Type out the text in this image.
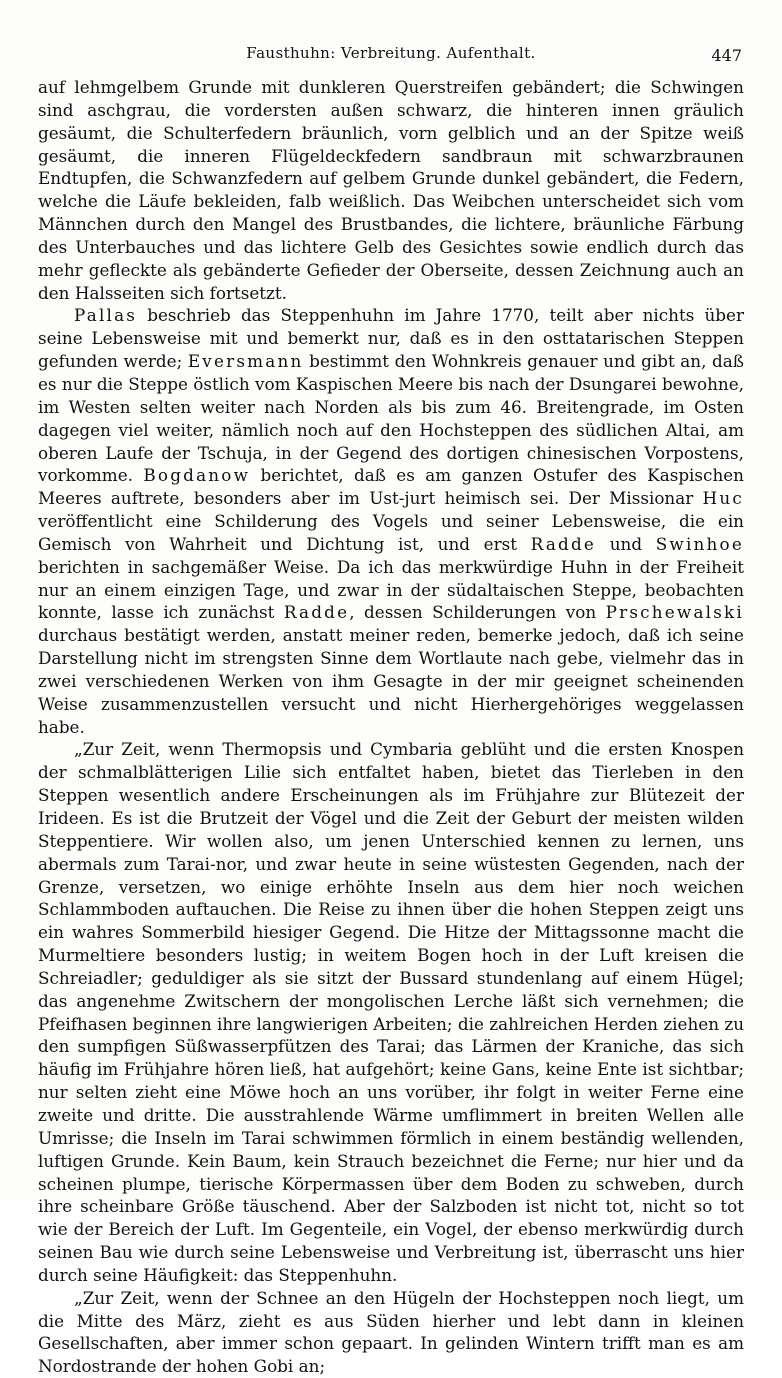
Fausthuhn: Verbreitung. Aufenthalt.	447

auf lehmgelbem Grunde mit dunkleren Querstreifen gebändert; die Schwingen sind aschgrau, die vordersten außen schwarz, die hinteren innen gräulich gesäumt, die Schulterfedern bräunlich, vorn gelblich und an der Spitze weiß gesäumt, die inneren Flügeldeckfedern sandbraun mit schwarzbraunen Endtupfen, die Schwanzfedern auf gelbem Grunde dunkel gebändert, die Federn, welche die Läufe bekleiden, falb weißlich. Das Weibchen unterscheidet sich vom Männchen durch den Mangel des Brustbandes, die lichtere, bräunliche Färbung des Unterbauches und das lichtere Gelb des Gesichtes sowie endlich durch das mehr gefleckte als gebänderte Gefieder der Oberseite, dessen Zeichnung auch an den Halsseiten sich fortsetzt.

Pallas beschrieb das Steppenhuhn im Jahre 1770, teilt aber nichts über seine Lebensweise mit und bemerkt nur, daß es in den osttatarischen Steppen gefunden werde; Eversmann bestimmt den Wohnkreis genauer und gibt an, daß es nur die Steppe östlich vom Kaspischen Meere bis nach der Dsungarei bewohne, im Westen selten weiter nach Norden als bis zum 46. Breitengrade, im Osten dagegen viel weiter, nämlich noch auf den Hochsteppen des südlichen Altai, am oberen Laufe der Tschuja, in der Gegend des dortigen chinesischen Vorpostens, vorkomme. Bogdanow berichtet, daß es am ganzen Ostufer des Kaspischen Meeres auftrete, besonders aber im Ust-jurt heimisch sei. Der Missionar Huc veröffentlicht eine Schilderung des Vogels und seiner Lebensweise, die ein Gemisch von Wahrheit und Dichtung ist, und erst Radde und Swinhoe berichten in sachgemäßer Weise. Da ich das merkwürdige Huhn in der Freiheit nur an einem einzigen Tage, und zwar in der südaltaischen Steppe, beobachten konnte, lasse ich zunächst Radde, dessen Schilderungen von Prschewalski durchaus bestätigt werden, anstatt meiner reden, bemerke jedoch, daß ich seine Darstellung nicht im strengsten Sinne dem Wortlaute nach gebe, vielmehr das in zwei verschiedenen Werken von ihm Gesagte in der mir geeignet scheinenden Weise zusammenzustellen versucht und nicht Hierhergehöriges weggelassen habe.

„Zur Zeit, wenn Thermopsis und Cymbaria geblüht und die ersten Knospen der schmalblätterigen Lilie sich entfaltet haben, bietet das Tierleben in den Steppen wesentlich andere Erscheinungen als im Frühjahre zur Blütezeit der Irideen. Es ist die Brutzeit der Vögel und die Zeit der Geburt der meisten wilden Steppentiere. Wir wollen also, um jenen Unterschied kennen zu lernen, uns abermals zum Tarai-nor, und zwar heute in seine wüstesten Gegenden, nach der Grenze, versetzen, wo einige erhöhte Inseln aus dem hier noch weichen Schlammboden auftauchen. Die Reise zu ihnen über die hohen Steppen zeigt uns ein wahres Sommerbild hiesiger Gegend. Die Hitze der Mittagssonne macht die Murmeltiere besonders lustig; in weitem Bogen hoch in der Luft kreisen die Schreiadler; geduldiger als sie sitzt der Bussard stundenlang auf einem Hügel; das angenehme Zwitschern der mongolischen Lerche läßt sich vernehmen; die Pfeifhasen beginnen ihre langwierigen Arbeiten; die zahlreichen Herden ziehen zu den sumpfigen Süßwasserpfützen des Tarai; das Lärmen der Kraniche, das sich häufig im Frühjahre hören ließ, hat aufgehört; keine Gans, keine Ente ist sichtbar; nur selten zieht eine Möwe hoch an uns vorüber, ihr folgt in weiter Ferne eine zweite und dritte. Die ausstrahlende Wärme umflimmert in breiten Wellen alle Umrisse; die Inseln im Tarai schwimmen förmlich in einem beständig wellenden, luftigen Grunde. Kein Baum, kein Strauch bezeichnet die Ferne; nur hier und da scheinen plumpe, tierische Körpermassen über dem Boden zu schweben, durch ihre scheinbare Größe täuschend. Aber der Salzboden ist nicht tot, nicht so tot wie der Bereich der Luft. Im Gegenteile, ein Vogel, der ebenso merkwürdig durch seinen Bau wie durch seine Lebensweise und Verbreitung ist, überrascht uns hier durch seine Häufigkeit: das Steppenhuhn.

„Zur Zeit, wenn der Schnee an den Hügeln der Hochsteppen noch liegt, um die Mitte des März, zieht es aus Süden hierher und lebt dann in kleinen Gesellschaften, aber immer schon gepaart. In gelinden Wintern trifft man es am Nordostrande der hohen Gobi an;
